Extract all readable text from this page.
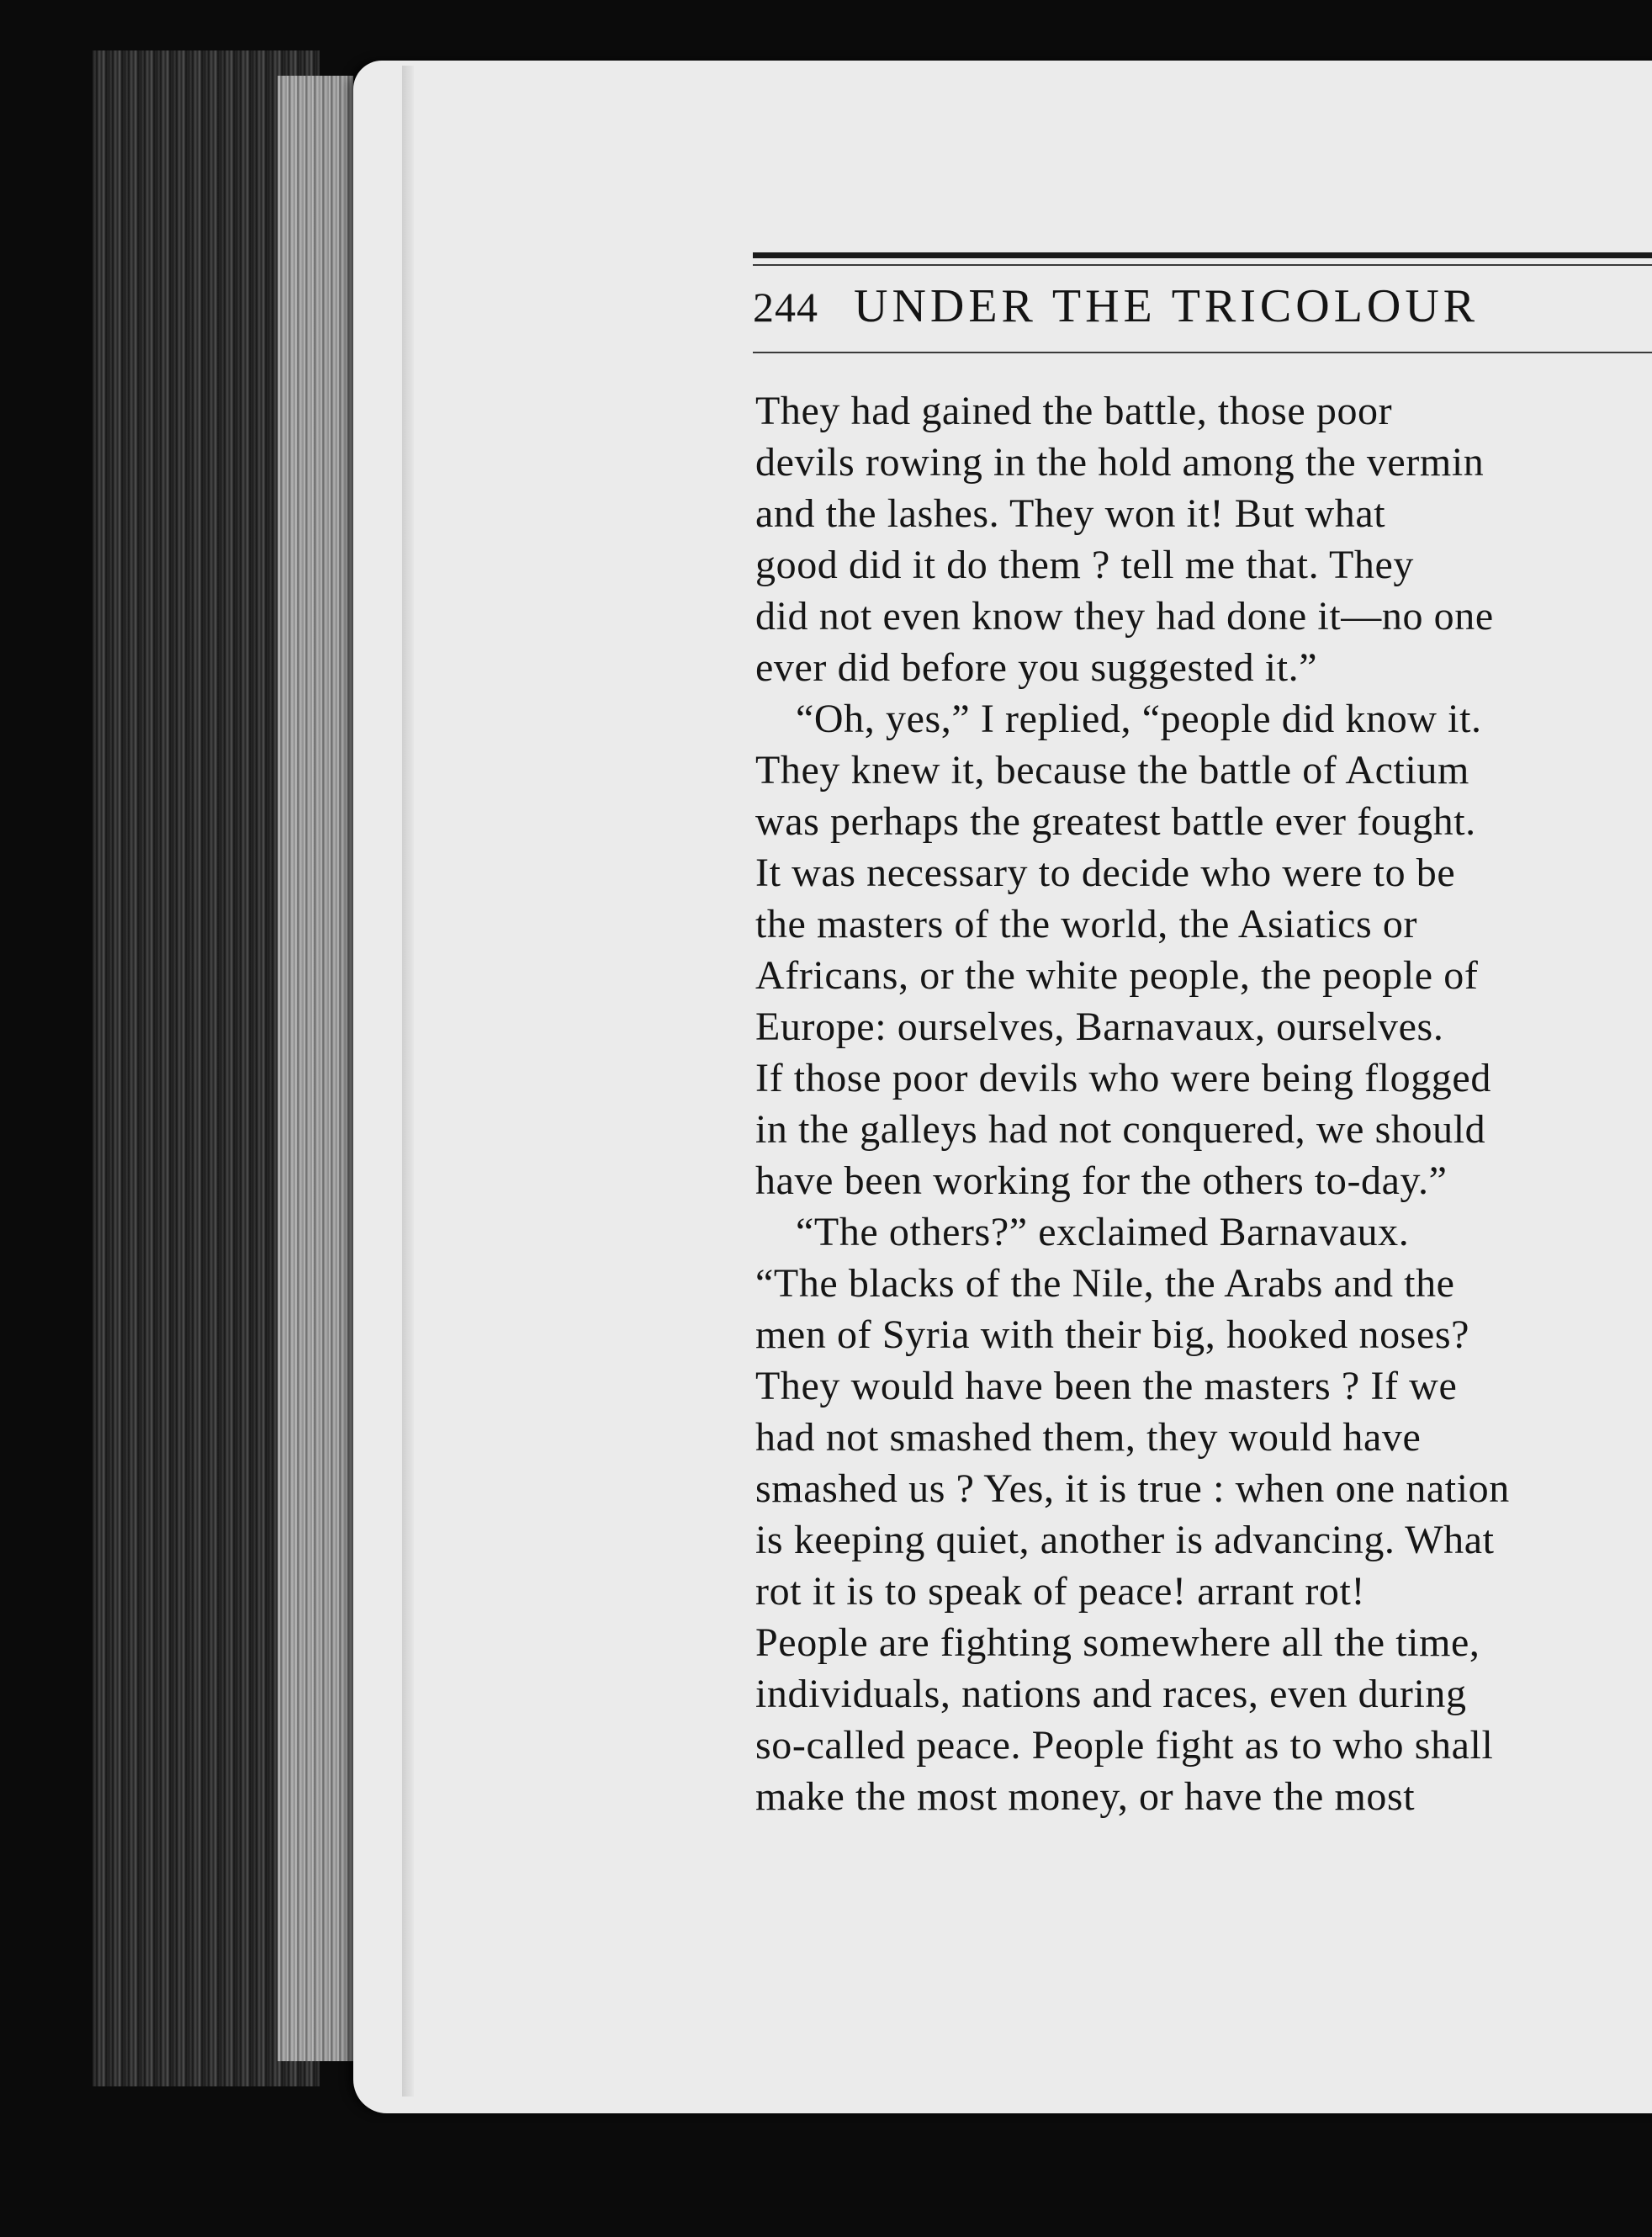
244 UNDER THE TRICOLOUR
They had gained the battle, those poor
devils rowing in the hold among the vermin
and the lashes. They won it! But what
good did it do them ? tell me that. They
did not even know they had done it—no one
ever did before you suggested it.”
“Oh, yes,” I replied, “people did know it.
They knew it, because the battle of Actium
was perhaps the greatest battle ever fought.
It was necessary to decide who were to be
the masters of the world, the Asiatics or
Africans, or the white people, the people of
Europe: ourselves, Barnavaux, ourselves.
If those poor devils who were being flogged
in the galleys had not conquered, we should
have been working for the others to-day.”
“The others?” exclaimed Barnavaux.
“The blacks of the Nile, the Arabs and the
men of Syria with their big, hooked noses?
They would have been the masters ? If we
had not smashed them, they would have
smashed us ? Yes, it is true : when one nation
is keeping quiet, another is advancing. What
rot it is to speak of peace! arrant rot!
People are fighting somewhere all the time,
individuals, nations and races, even during
so-called peace. People fight as to who shall
make the most money, or have the most
